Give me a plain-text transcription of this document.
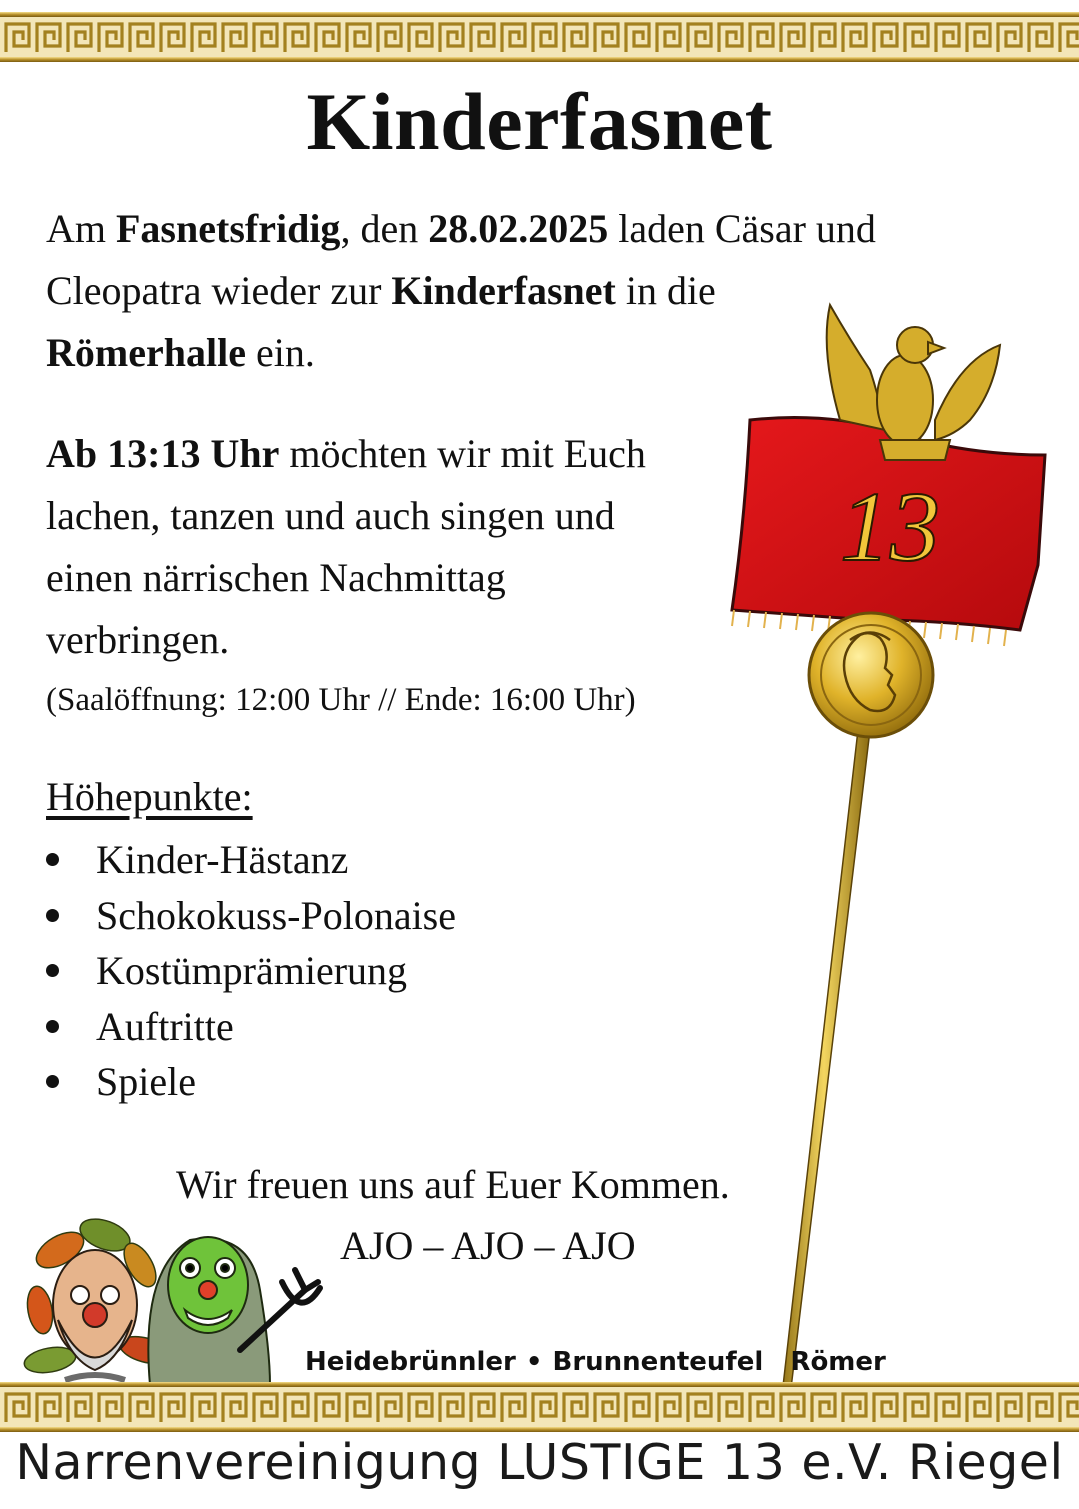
Kinderfasnet
Am Fasnetsfridig, den 28.02.2025 laden Cäsar und
Cleopatra wieder zur Kinderfasnet in die
Römerhalle ein.
Ab 13:13 Uhr möchten wir mit Euch
lachen, tanzen und auch singen und
einen närrischen Nachmittag
verbringen.
(Saalöffnung: 12:00 Uhr // Ende: 16:00 Uhr)
Höhepunkte:
Kinder-Hästanz
Schokokuss-Polonaise
Kostümprämierung
Auftritte
Spiele
Wir freuen uns auf Euer Kommen.
AJO – AJO – AJO
13
Heidebrünnler • Brunnenteufel Römer
Narrenvereinigung LUSTIGE 13 e.V. Riegel
